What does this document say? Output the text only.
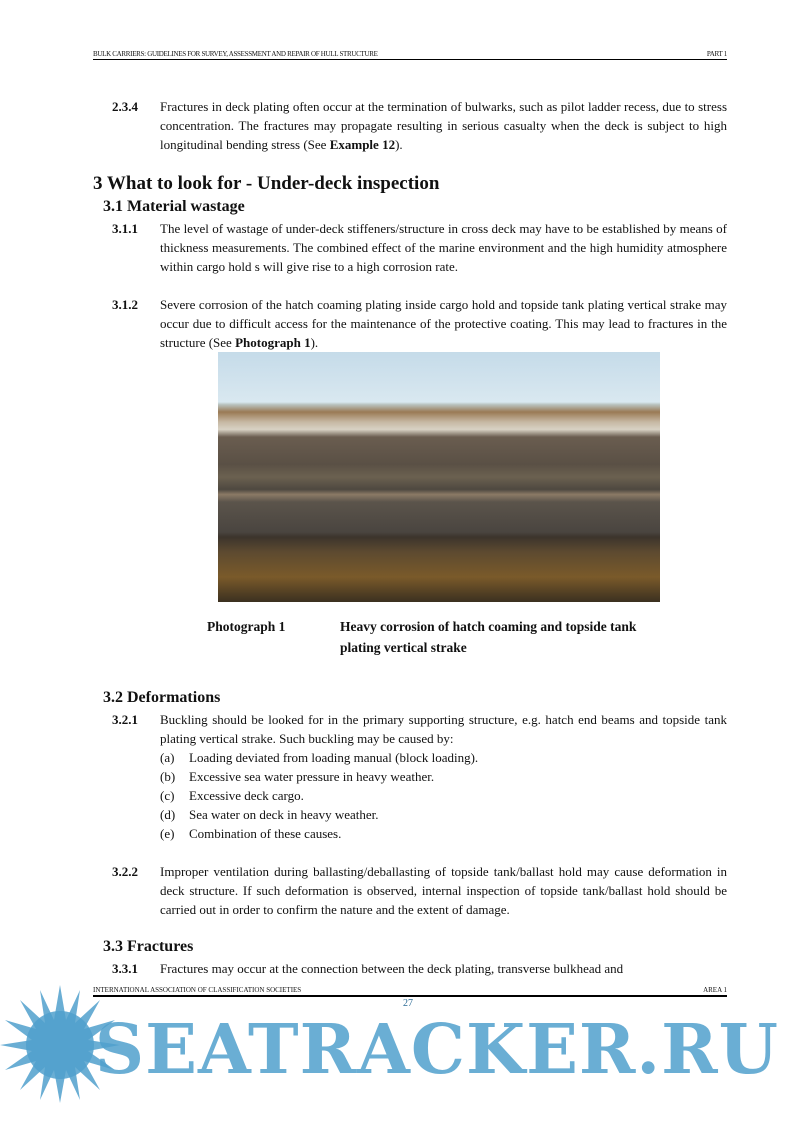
BULK CARRIERS: GUIDELINES FOR SURVEY, ASSESSMENT AND REPAIR OF HULL STRUCTURE	PART 1
2.3.4 Fractures in deck plating often occur at the termination of bulwarks, such as pilot ladder recess, due to stress concentration. The fractures may propagate resulting in serious casualty when the deck is subject to high longitudinal bending stress (See Example 12).
3 What to look for - Under-deck inspection
3.1 Material wastage
3.1.1 The level of wastage of under-deck stiffeners/structure in cross deck may have to be established by means of thickness measurements. The combined effect of the marine environment and the high humidity atmosphere within cargo hold s will give rise to a high corrosion rate.
3.1.2 Severe corrosion of the hatch coaming plating inside cargo hold and topside tank plating vertical strake may occur due to difficult access for the maintenance of the protective coating. This may lead to fractures in the structure (See Photograph 1).
Photograph 1	Heavy corrosion of hatch coaming and topside tank
plating vertical strake
3.2 Deformations
3.2.1 Buckling should be looked for in the primary supporting structure, e.g. hatch end beams and topside tank plating vertical strake. Such buckling may be caused by:
(a) Loading deviated from loading manual (block loading).
(b) Excessive sea water pressure in heavy weather.
(c) Excessive deck cargo.
(d) Sea water on deck in heavy weather.
(e) Combination of these causes.
3.2.2 Improper ventilation during ballasting/deballasting of topside tank/ballast hold may cause deformation in deck structure. If such deformation is observed, internal inspection of topside tank/ballast hold should be carried out in order to confirm the nature and the extent of damage.
3.3 Fractures
3.3.1 Fractures may occur at the connection between the deck plating, transverse bulkhead and
INTERNATIONAL ASSOCIATION OF CLASSIFICATION SOCIETIES	AREA 1
27
SEATRACKER.RU
